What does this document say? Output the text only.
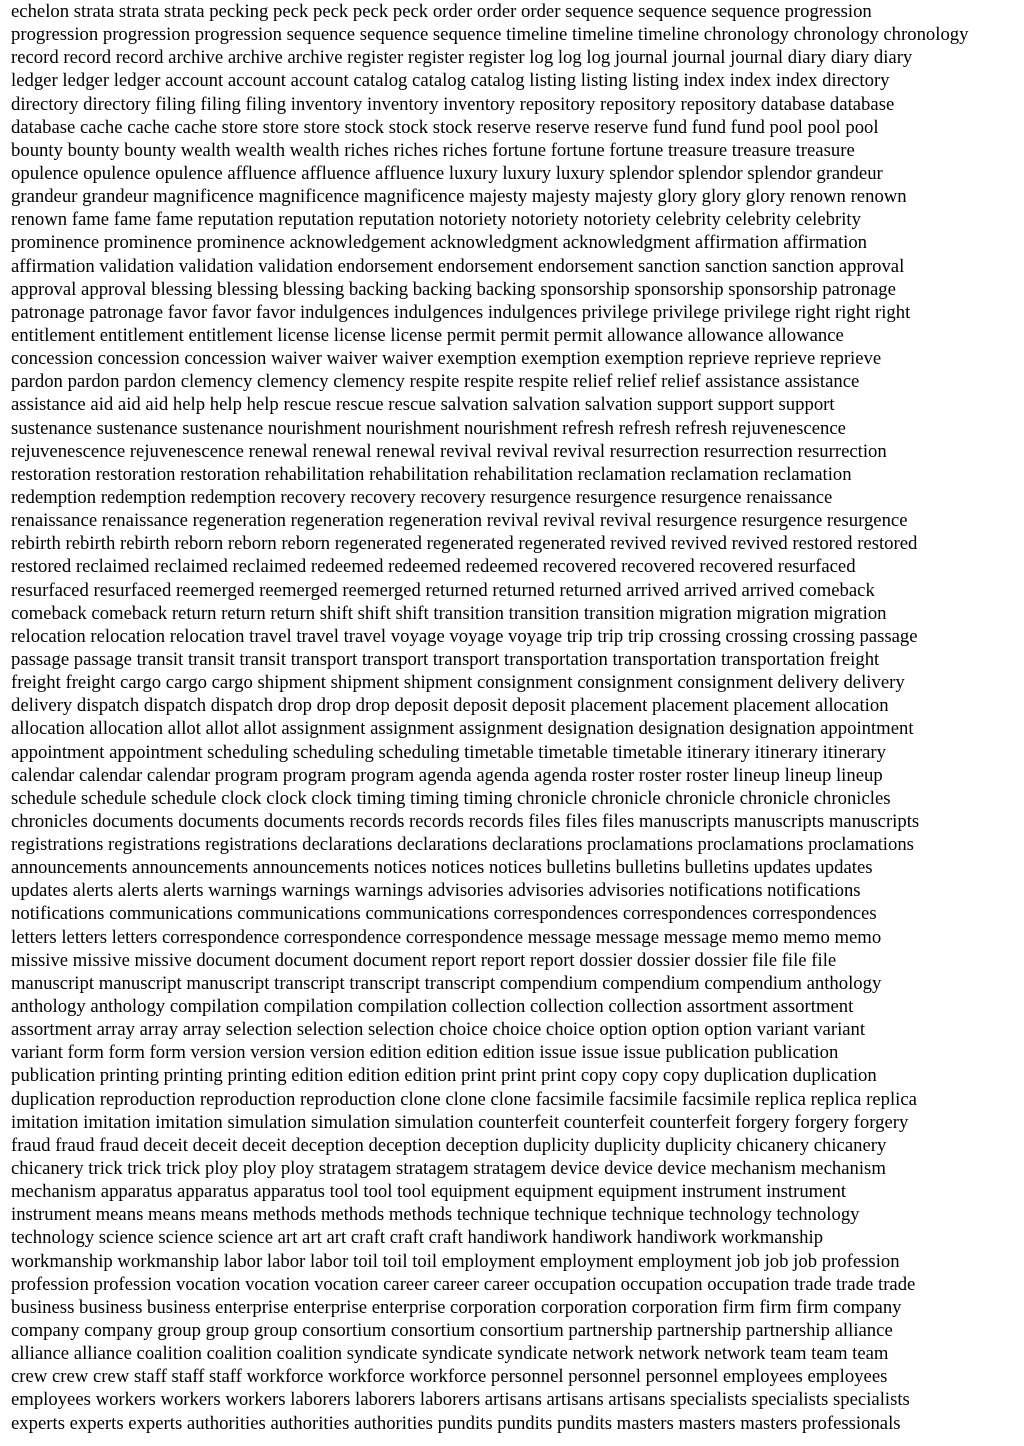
echelon strata strata strata pecking peck peck peck peck order order order sequence sequence sequence progression
progression progression progression sequence sequence sequence timeline timeline timeline chronology chronology chronology
record record record archive archive archive register register register log log log journal journal journal diary diary diary
ledger ledger ledger account account account catalog catalog catalog listing listing listing index index index directory
directory directory filing filing filing inventory inventory inventory repository repository repository database database
database cache cache cache store store store stock stock stock reserve reserve reserve fund fund fund pool pool pool
bounty bounty bounty wealth wealth wealth riches riches riches fortune fortune fortune treasure treasure treasure
opulence opulence opulence affluence affluence affluence luxury luxury luxury splendor splendor splendor grandeur
grandeur grandeur magnificence magnificence magnificence majesty majesty majesty glory glory glory renown renown
renown fame fame fame reputation reputation reputation notoriety notoriety notoriety celebrity celebrity celebrity
prominence prominence prominence acknowledgement acknowledgment acknowledgment affirmation affirmation
affirmation validation validation validation endorsement endorsement endorsement sanction sanction sanction approval
approval approval blessing blessing blessing backing backing backing sponsorship sponsorship sponsorship patronage
patronage patronage favor favor favor indulgences indulgences indulgences privilege privilege privilege right right right
entitlement entitlement entitlement license license license permit permit permit allowance allowance allowance
concession concession concession waiver waiver waiver exemption exemption exemption reprieve reprieve reprieve
pardon pardon pardon clemency clemency clemency respite respite respite relief relief relief assistance assistance
assistance aid aid aid help help help rescue rescue rescue salvation salvation salvation support support support
sustenance sustenance sustenance nourishment nourishment nourishment refresh refresh refresh rejuvenescence
rejuvenescence rejuvenescence renewal renewal renewal revival revival revival resurrection resurrection resurrection
restoration restoration restoration rehabilitation rehabilitation rehabilitation reclamation reclamation reclamation
redemption redemption redemption recovery recovery recovery resurgence resurgence resurgence renaissance
renaissance renaissance regeneration regeneration regeneration revival revival revival resurgence resurgence resurgence
rebirth rebirth rebirth reborn reborn reborn regenerated regenerated regenerated revived revived revived restored restored
restored reclaimed reclaimed reclaimed redeemed redeemed redeemed recovered recovered recovered resurfaced
resurfaced resurfaced reemerged reemerged reemerged returned returned returned arrived arrived arrived comeback
comeback comeback return return return shift shift shift transition transition transition migration migration migration
relocation relocation relocation travel travel travel voyage voyage voyage trip trip trip crossing crossing crossing passage
passage passage transit transit transit transport transport transport transportation transportation transportation freight
freight freight cargo cargo cargo shipment shipment shipment consignment consignment consignment delivery delivery
delivery dispatch dispatch dispatch drop drop drop deposit deposit deposit placement placement placement allocation
allocation allocation allot allot allot assignment assignment assignment designation designation designation appointment
appointment appointment scheduling scheduling scheduling timetable timetable timetable itinerary itinerary itinerary
calendar calendar calendar program program program agenda agenda agenda roster roster roster lineup lineup lineup
schedule schedule schedule clock clock clock timing timing timing chronicle chronicle chronicle chronicle chronicles
chronicles documents documents documents records records records files files files manuscripts manuscripts manuscripts
registrations registrations registrations declarations declarations declarations proclamations proclamations proclamations
announcements announcements announcements notices notices notices bulletins bulletins bulletins updates updates
updates alerts alerts alerts warnings warnings warnings advisories advisories advisories notifications notifications
notifications communications communications communications correspondences correspondences correspondences
letters letters letters correspondence correspondence correspondence message message message memo memo memo
missive missive missive document document document report report report dossier dossier dossier file file file
manuscript manuscript manuscript transcript transcript transcript compendium compendium compendium anthology
anthology anthology compilation compilation compilation collection collection collection assortment assortment
assortment array array array selection selection selection choice choice choice option option option variant variant
variant form form form version version version edition edition edition issue issue issue publication publication
publication printing printing printing edition edition edition print print print copy copy copy duplication duplication
duplication reproduction reproduction reproduction clone clone clone facsimile facsimile facsimile replica replica replica
imitation imitation imitation simulation simulation simulation counterfeit counterfeit counterfeit forgery forgery forgery
fraud fraud fraud deceit deceit deceit deception deception deception duplicity duplicity duplicity chicanery chicanery
chicanery trick trick trick ploy ploy ploy stratagem stratagem stratagem device device device mechanism mechanism
mechanism apparatus apparatus apparatus tool tool tool equipment equipment equipment instrument instrument
instrument means means means methods methods methods technique technique technique technology technology
technology science science science art art art craft craft craft handiwork handiwork handiwork workmanship
workmanship workmanship labor labor labor toil toil toil employment employment employment job job job profession
profession profession vocation vocation vocation career career career occupation occupation occupation trade trade trade
business business business enterprise enterprise enterprise corporation corporation corporation firm firm firm company
company company group group group consortium consortium consortium partnership partnership partnership alliance
alliance alliance coalition coalition coalition syndicate syndicate syndicate network network network team team team
crew crew crew staff staff staff workforce workforce workforce personnel personnel personnel employees employees
employees workers workers workers laborers laborers laborers artisans artisans artisans specialists specialists specialists
experts experts experts authorities authorities authorities pundits pundits pundits masters masters masters professionals
